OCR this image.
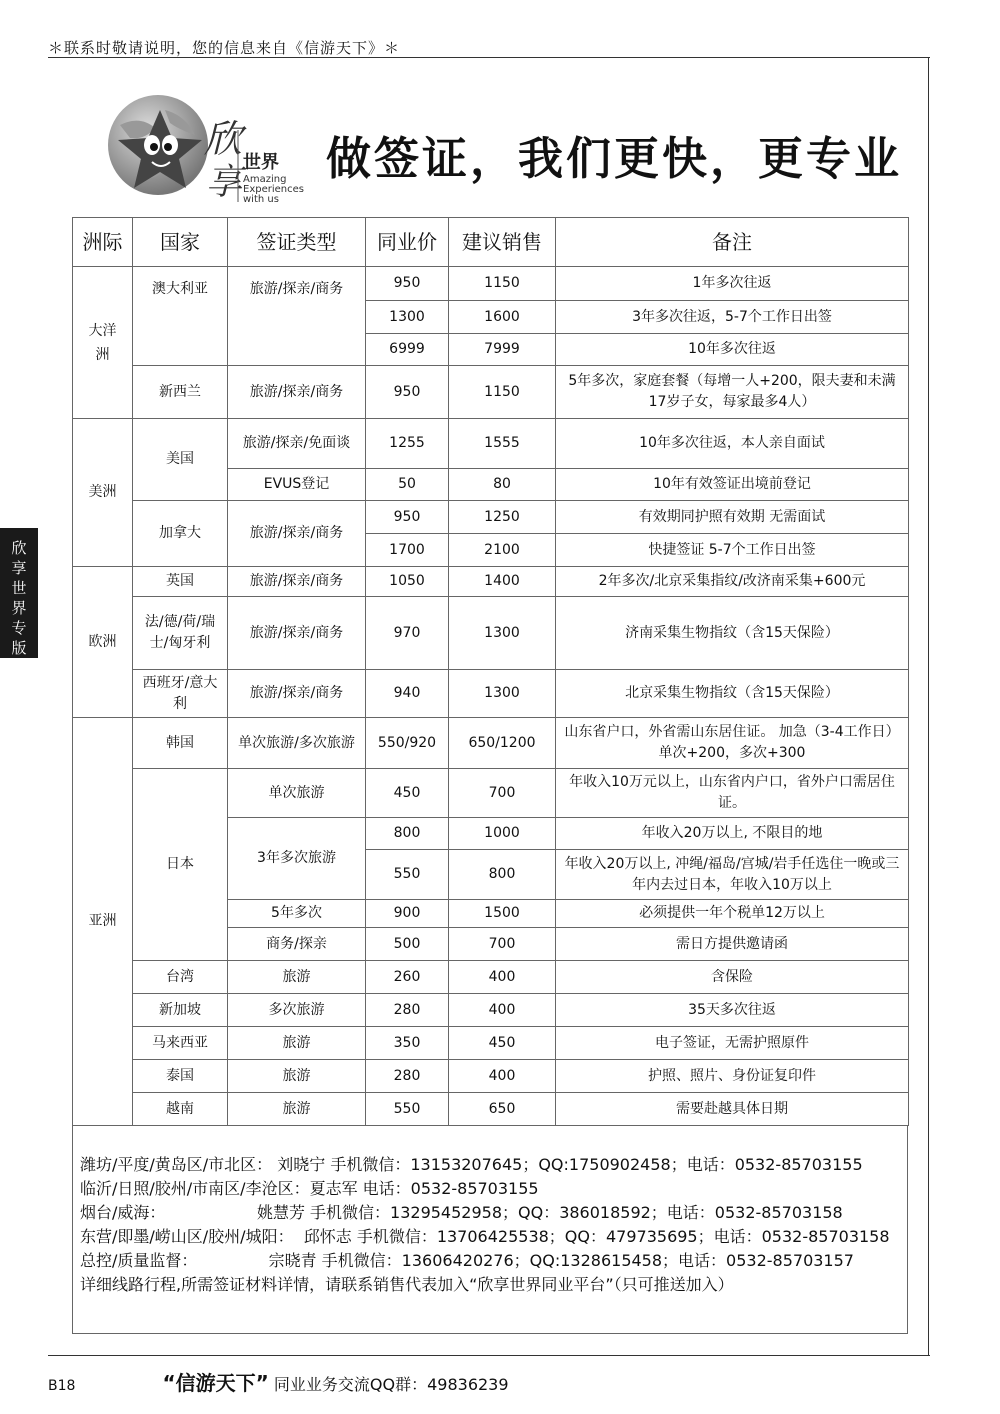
＊联系时敬请说明，您的信息来自《信游天下》＊
欣
享 世界
Amazing
Experiences
with us
做签证，我们更快，更专业
欣享世界专版
洲际	国家	签证类型	同业价	建议销售	备注
大洋洲	澳大利亚	旅游/探亲/商务	950	1150	1年多次往返
			1300	1600	3年多次往返，5-7个工作日出签
			6999	7999	10年多次往返
	新西兰	旅游/探亲/商务	950	1150	5年多次，家庭套餐（每增一人+200，限夫妻和未满17岁子女，每家最多4人）
美洲	美国	旅游/探亲/免面谈	1255	1555	10年多次往返，本人亲自面试
		EVUS登记	50	80	10年有效签证出境前登记
	加拿大	旅游/探亲/商务	950	1250	有效期同护照有效期 无需面试
			1700	2100	快捷签证 5-7个工作日出签
欧洲	英国	旅游/探亲/商务	1050	1400	2年多次/北京采集指纹/改济南采集+600元
	法/德/荷/瑞士/匈牙利	旅游/探亲/商务	970	1300	济南采集生物指纹（含15天保险）
	西班牙/意大利	旅游/探亲/商务	940	1300	北京采集生物指纹（含15天保险）
亚洲	韩国	单次旅游/多次旅游	550/920	650/1200	山东省户口，外省需山东居住证。 加急（3-4工作日）单次+200，多次+300
	日本	单次旅游	450	700	年收入10万元以上，山东省内户口，省外户口需居住证。
		3年多次旅游	800	1000	年收入20万以上, 不限目的地
			550	800	年收入20万以上, 冲绳/福岛/宫城/岩手任选住一晚或三年内去过日本，年收入10万以上
		5年多次	900	1500	必须提供一年个税单12万以上
		商务/探亲	500	700	需日方提供邀请函
	台湾	旅游	260	400	含保险
	新加坡	多次旅游	280	400	35天多次往返
	马来西亚	旅游	350	450	电子签证，无需护照原件
	泰国	旅游	280	400	护照、照片、身份证复印件
	越南	旅游	550	650	需要赴越具体日期
潍坊/平度/黄岛区/市北区： 刘晓宁 手机微信：13153207645；QQ:1750902458；电话：0532-85703155
临沂/日照/胶州/市南区/李沧区：夏志军 电话：0532-85703155
烟台/威海：                  姚慧芳 手机微信：13295452958；QQ：386018592；电话：0532-85703158
东营/即墨/崂山区/胶州/城阳：  邱怀志 手机微信：13706425538；QQ：479735695；电话：0532-85703158
总控/质量监督：              宗晓青 手机微信：13606420276；QQ:1328615458；电话：0532-85703157
详细线路行程,所需签证材料详情，请联系销售代表加入“欣享世界同业平台”（只可推送加入）
B18	“信游天下” 同业业务交流QQ群：49836239
